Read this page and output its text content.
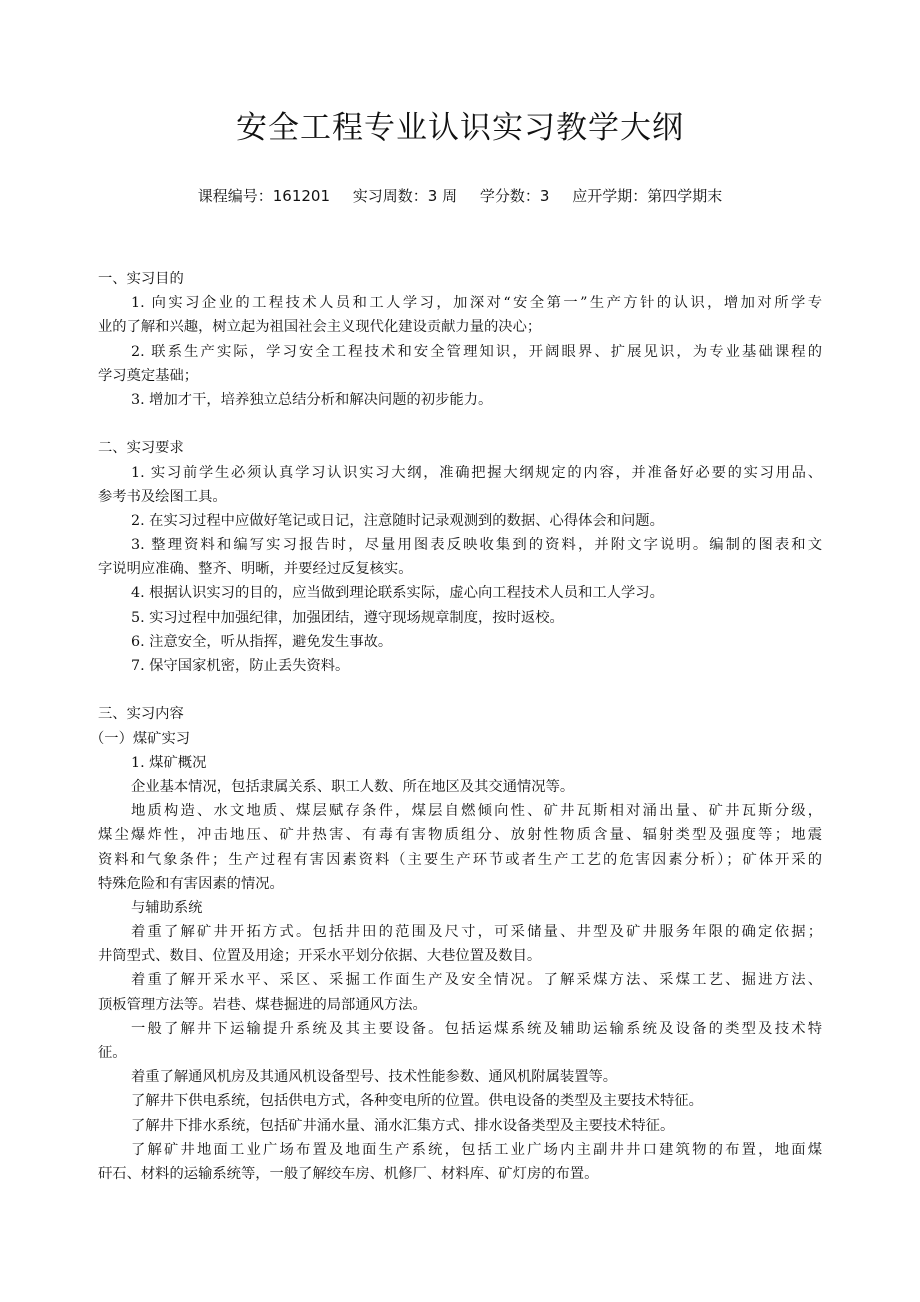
安全工程专业认识实习教学大纲
课程编号：161201 实习周数：3 周 学分数：3 应开学期：第四学期末
一、实习目的
1. 向实习企业的工程技术人员和工人学习，加深对“安全第一”生产方针的认识，增加对所学专
业的了解和兴趣，树立起为祖国社会主义现代化建设贡献力量的决心；
2. 联系生产实际，学习安全工程技术和安全管理知识，开阔眼界、扩展见识，为专业基础课程的
学习奠定基础；
3. 增加才干，培养独立总结分析和解决问题的初步能力。
二、实习要求
1. 实习前学生必须认真学习认识实习大纲，准确把握大纲规定的内容，并准备好必要的实习用品、
参考书及绘图工具。
2. 在实习过程中应做好笔记或日记，注意随时记录观测到的数据、心得体会和问题。
3. 整理资料和编写实习报告时，尽量用图表反映收集到的资料，并附文字说明。编制的图表和文
字说明应准确、整齐、明晰，并要经过反复核实。
4. 根据认识实习的目的，应当做到理论联系实际，虚心向工程技术人员和工人学习。
5. 实习过程中加强纪律，加强团结，遵守现场规章制度，按时返校。
6. 注意安全，听从指挥，避免发生事故。
7. 保守国家机密，防止丢失资料。
三、实习内容
（一）煤矿实习
1. 煤矿概况
企业基本情况，包括隶属关系、职工人数、所在地区及其交通情况等。
地质构造、水文地质、煤层赋存条件，煤层自燃倾向性、矿井瓦斯相对涌出量、矿井瓦斯分级，
煤尘爆炸性，冲击地压、矿井热害、有毒有害物质组分、放射性物质含量、辐射类型及强度等；地震
资料和气象条件；生产过程有害因素资料（主要生产环节或者生产工艺的危害因素分析）；矿体开采的
特殊危险和有害因素的情况。
与辅助系统
着重了解矿井开拓方式。包括井田的范围及尺寸，可采储量、井型及矿井服务年限的确定依据；
井筒型式、数目、位置及用途；开采水平划分依据、大巷位置及数目。
着重了解开采水平、采区、采掘工作面生产及安全情况。了解采煤方法、采煤工艺、掘进方法、
顶板管理方法等。岩巷、煤巷掘进的局部通风方法。
一般了解井下运输提升系统及其主要设备。包括运煤系统及辅助运输系统及设备的类型及技术特
征。
着重了解通风机房及其通风机设备型号、技术性能参数、通风机附属装置等。
了解井下供电系统，包括供电方式，各种变电所的位置。供电设备的类型及主要技术特征。
了解井下排水系统，包括矿井涌水量、涌水汇集方式、排水设备类型及主要技术特征。
了解矿井地面工业广场布置及地面生产系统，包括工业广场内主副井井口建筑物的布置，地面煤
矸石、材料的运输系统等，一般了解绞车房、机修厂、材料库、矿灯房的布置。
